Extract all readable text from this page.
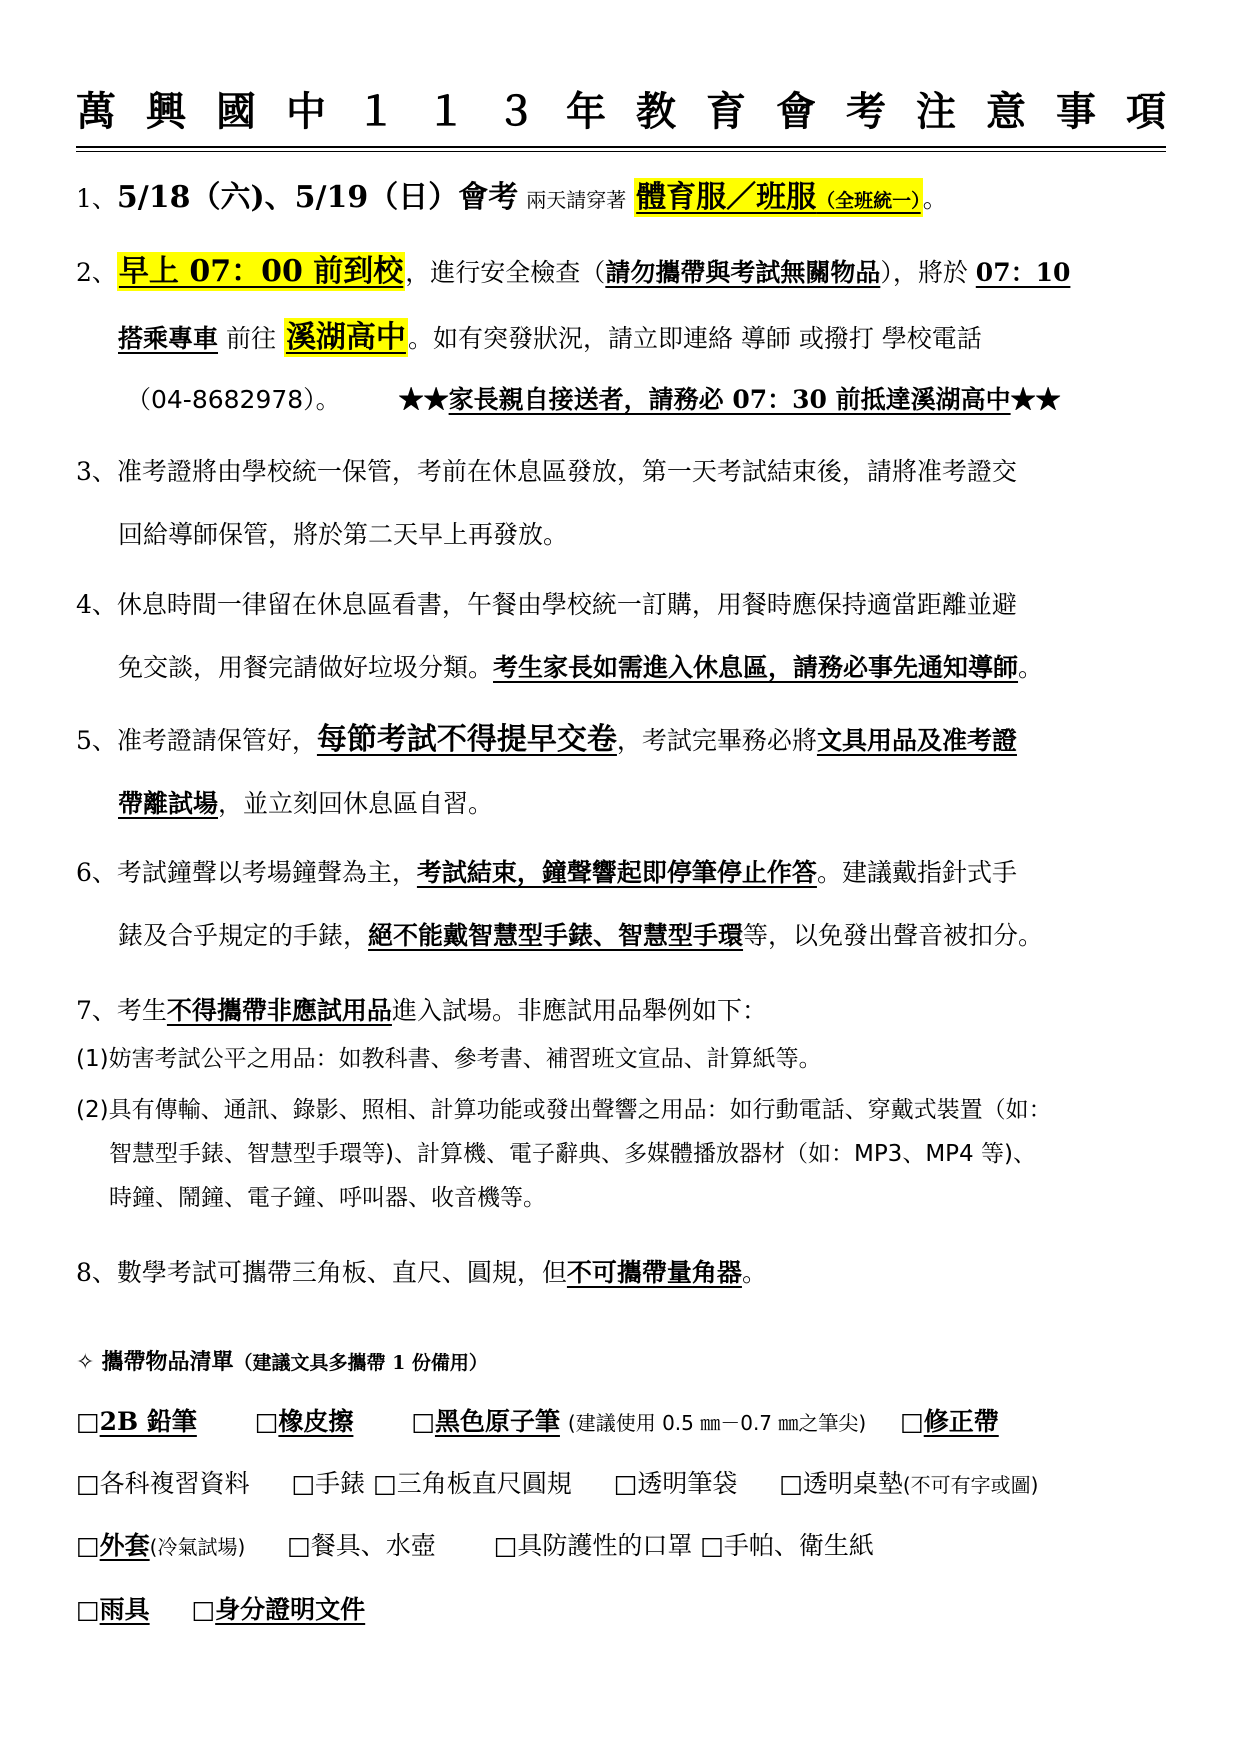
萬 興 國 中 １ １ ３ 年 教 育 會 考 注 意 事 項
1、5/18（六)、5/19（日）會考 兩天請穿著 體育服／班服（全班統一）。
2、早上 07：00 前到校，進行安全檢查（請勿攜帶與考試無關物品），將於 07：10
搭乘專車 前往 溪湖高中。如有突發狀況，請立即連絡 導師 或撥打 學校電話
（04-8682978）。 ★★家長親自接送者，請務必 07：30 前抵達溪湖高中★★
3、准考證將由學校統一保管，考前在休息區發放，第一天考試結束後，請將准考證交
回給導師保管，將於第二天早上再發放。
4、休息時間一律留在休息區看書，午餐由學校統一訂購，用餐時應保持適當距離並避
免交談，用餐完請做好垃圾分類。考生家長如需進入休息區，請務必事先通知導師。
5、准考證請保管好，每節考試不得提早交卷，考試完畢務必將文具用品及准考證
帶離試場，並立刻回休息區自習。
6、考試鐘聲以考場鐘聲為主，考試結束，鐘聲響起即停筆停止作答。建議戴指針式手
錶及合乎規定的手錶，絕不能戴智慧型手錶、智慧型手環等，以免發出聲音被扣分。
7、考生不得攜帶非應試用品進入試場。非應試用品舉例如下：
(1)妨害考試公平之用品：如教科書、參考書、補習班文宣品、計算紙等。
(2)具有傳輸、通訊、錄影、照相、計算功能或發出聲響之用品：如行動電話、穿戴式裝置（如：
智慧型手錶、智慧型手環等)、計算機、電子辭典、多媒體播放器材（如：MP3、MP4 等)、
時鐘、鬧鐘、電子鐘、呼叫器、收音機等。
8、數學考試可攜帶三角板、直尺、圓規，但不可攜帶量角器。
✧ 攜帶物品清單（建議文具多攜帶 1 份備用）
□2B 鉛筆 □橡皮擦 □黑色原子筆 (建議使用 0.5 ㎜－0.7 ㎜之筆尖) □修正帶
□各科複習資料 □手錶 □三角板直尺圓規 □透明筆袋 □透明桌墊(不可有字或圖)
□外套(冷氣試場) □餐具、水壺 □具防護性的口罩 □手帕、衛生紙
□雨具 □身分證明文件
